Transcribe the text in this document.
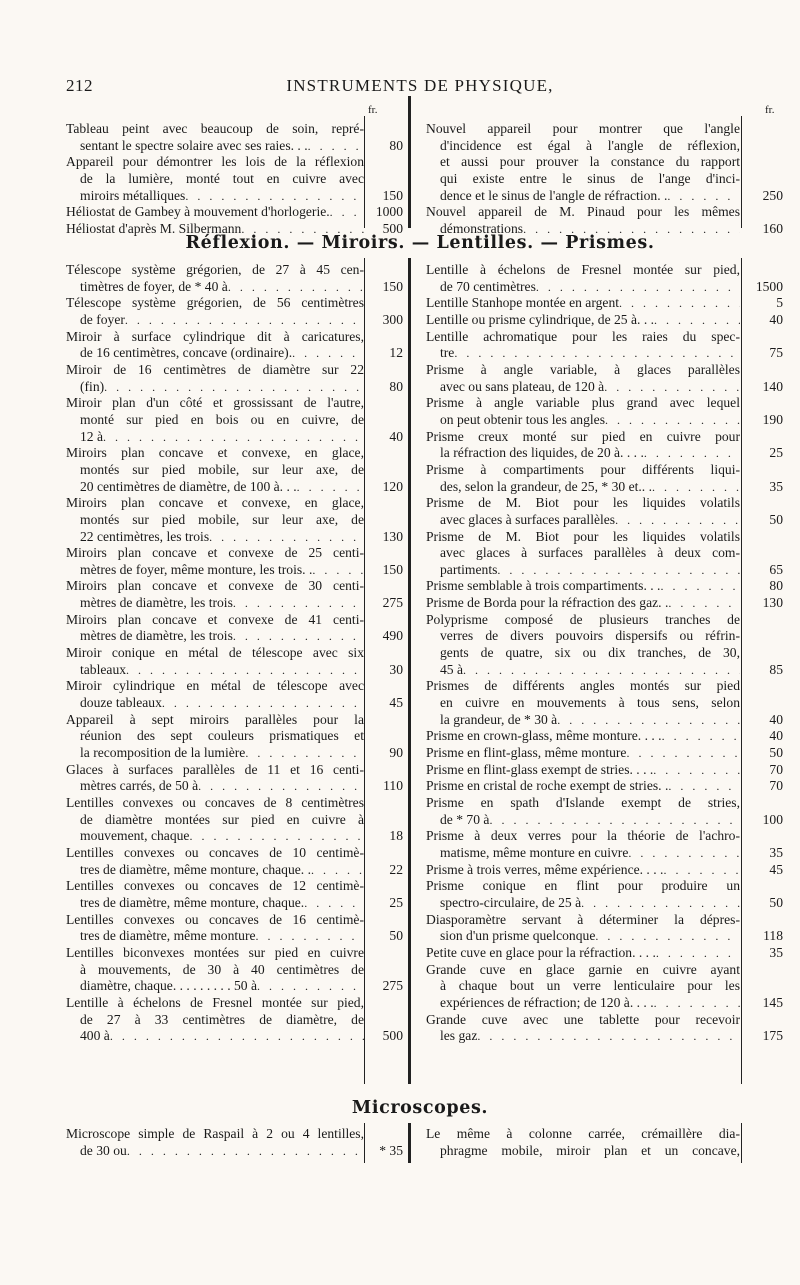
212	INSTRUMENTS DE PHYSIQUE,
fr.	fr.
Tableau peint avec beaucoup de soin, repré-
sentant le spectre solaire avec ses raies. . .
. . .
Appareil pour démontrer les lois de la réflexion
de la lumière, monté tout en cuivre avec
miroirs métalliques
. . .
Héliostat de Gambey à mouvement d'horlogerie.
. . .
Héliostat d'après M. Silbermann
. . .

80

150
1000
500
Nouvel appareil pour montrer que l'angle
d'incidence est égal à l'angle de réflexion,
et aussi pour prouver la constance du rapport
qui existe entre le sinus de l'ange d'inci-
dence et le sinus de l'angle de réfraction. .
. . .
Nouvel appareil de M. Pinaud pour les mêmes
démonstrations
. . .

250

160
Réflexion. — Miroirs. — Lentilles. — Prismes.
Télescope système grégorien, de 27 à 45 cen-
timètres de foyer, de * 40 à
. . .
Télescope système grégorien, de 56 centimètres
de foyer
. . .
Miroir à surface cylindrique dit à caricatures,
de 16 centimètres, concave (ordinaire).
. . .
Miroir de 16 centimètres de diamètre sur 22
(fin)
. . .
Miroir plan d'un côté et grossissant de l'autre,
monté sur pied en bois ou en cuivre, de
12 à
. . .
Miroirs plan concave et convexe, en glace,
montés sur pied mobile, sur leur axe, de
20 centimètres de diamètre, de 100 à. . .
. . .
Miroirs plan concave et convexe, en glace,
montés sur pied mobile, sur leur axe, de
22 centimètres, les trois
. . .
Miroirs plan concave et convexe de 25 centi-
mètres de foyer, même monture, les trois. .
. . .
Miroirs plan concave et convexe de 30 centi-
mètres de diamètre, les trois
. . .
Miroirs plan concave et convexe de 41 centi-
mètres de diamètre, les trois
. . .
Miroir conique en métal de télescope avec six
tableaux
. . .
Miroir cylindrique en métal de télescope avec
douze tableaux
. . .
Appareil à sept miroirs parallèles pour la
réunion des sept couleurs prismatiques et
la recomposition de la lumière
. . .
Glaces à surfaces parallèles de 11 et 16 centi-
mètres carrés, de 50 à
. . .
Lentilles convexes ou concaves de 8 centimètres
de diamètre montées sur pied en cuivre à
mouvement, chaque
. . .
Lentilles convexes ou concaves de 10 centimè-
tres de diamètre, même monture, chaque. .
. . .
Lentilles convexes ou concaves de 12 centimè-
tres de diamètre, même monture, chaque.
. . .
Lentilles convexes ou concaves de 16 centimè-
tres de diamètre, même monture
. . .
Lentilles biconvexes montées sur pied en cuivre
à mouvements, de 30 à 40 centimètres de
diamètre, chaque. . . . . . . . . 50 à
. . .
Lentille à échelons de Fresnel montée sur pied,
de 27 à 33 centimètres de diamètre, de
400 à
. . .

150

300

12

80

40

120

130

150

275

490

30

45

90

110

18

22

25

50

275

500
Lentille à échelons de Fresnel montée sur pied,
de 70 centimètres
. . .
Lentille Stanhope montée en argent
. . .
Lentille ou prisme cylindrique, de 25 à. . .
. . .
Lentille achromatique pour les raies du spec-
tre
. . .
Prisme à angle variable, à glaces parallèles
avec ou sans plateau, de 120 à
. . .
Prisme à angle variable plus grand avec lequel
on peut obtenir tous les angles
. . .
Prisme creux monté sur pied en cuivre pour
la réfraction des liquides, de 20 à. . . .
. . .
Prisme à compartiments pour différents liqui-
des, selon la grandeur, de 25, * 30 et.. .
. . .
Prisme de M. Biot pour les liquides volatils
avec glaces à surfaces parallèles
. . .
Prisme de M. Biot pour les liquides volatils
avec glaces à surfaces parallèles à deux com-
partiments
. . .
Prisme semblable à trois compartiments. . .
. . .
Prisme de Borda pour la réfraction des gaz. .
. . .
Polyprisme composé de plusieurs tranches de
verres de divers pouvoirs dispersifs ou réfrin-
gents de quatre, six ou dix tranches, de 30,
45 à
. . .
Prismes de différents angles montés sur pied
en cuivre en mouvements à tous sens, selon
la grandeur, de * 30 à
. . .
Prisme en crown-glass, même monture. . . .
. . .
Prisme en flint-glass, même monture
. . .
Prisme en flint-glass exempt de stries. . . .
. . .
Prisme en cristal de roche exempt de stries. .
. . .
Prisme en spath d'Islande exempt de stries,
de * 70 à
. . .
Prisme à deux verres pour la théorie de l'achro-
matisme, même monture en cuivre
. . .
Prisme à trois verres, même expérience. . . .
. . .
Prisme conique en flint pour produire un
spectro-circulaire, de 25 à
. . .
Diasporamètre servant à déterminer la dépres-
sion d'un prisme quelconque
. . .
Petite cuve en glace pour la réfraction. . . .
. . .
Grande cuve en glace garnie en cuivre ayant
à chaque bout un verre lenticulaire pour les
expériences de réfraction; de 120 à. . . .
. . .
Grande cuve avec une tablette pour recevoir
les gaz
. . .

1500
5
40

75

140

190

25

35

50

65
80
130

85

40
40
50
70
70

100

35
45

50

118
35

145

175
Microscopes.
Microscope simple de Raspail à 2 ou 4 lentilles,
de 30 ou
. . .
	* 35
Le même à colonne carrée, crémaillère dia-
phragme mobile, miroir plan et un concave,
